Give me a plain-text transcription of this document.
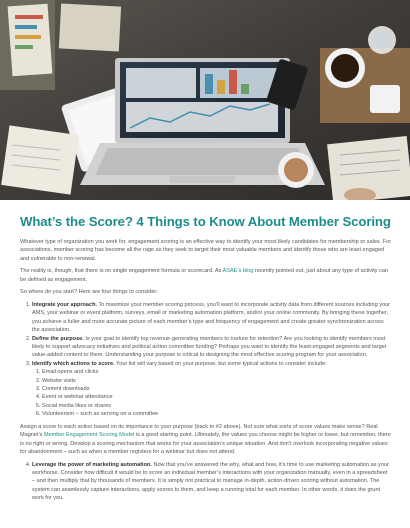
What’s the Score? 4 Things to Know About Member Scoring

Whatever type of organization you work for, engagement scoring is an effective way to identify your most likely candidates for membership or sales. For associations, member scoring has become all the rage as they seek to target their most valuable members and identify those who are least engaged and vulnerable to non-renewal.

The reality is, though, that there is no single engagement formula or scorecard. As ASAE’s blog recently pointed out, just about any type of activity can be defined as engagement.

So where do you start? Here are four things to consider:

1. Integrate your approach. To maximize your member scoring process, you’ll want to incorporate activity data from different sources including your AMS, your webinar or event platform, surveys, email or marketing automation platform, and/or your online community. By bringing these together, you achieve a fuller and more accurate picture of each member’s type and frequency of engagement and create greater synchronization across the association.
2. Define the purpose. Is your goal to identify top revenue-generating members to nurture for retention? Are you looking to identify members most likely to support advocacy initiatives and political action committee funding? Perhaps you want to identify the least-engaged segments and target value-added content to them. Understanding your purpose is critical to designing the most effective scoring program for your association.
3. Identify which actions to score. Your list will vary based on your purpose, but some typical actions to consider include:
1. Email opens and clicks
2. Website visits
3. Content downloads
4. Event or webinar attendance
5. Social media likes or shares
6. Volunteerism – such as serving on a committee

Assign a score to each action based on its importance to your purpose (back to #2 above). Not sure what sorts of score values make sense? Real Magnet’s Member Engagement Scoring Model is a good starting point. Ultimately, the values you choose might be higher or lower, but remember, there is no right or wrong. Develop a scoring mechanism that works for your association’s unique situation. And don’t overlook incorporating negative values for abandonment – such as when a member registers for a webinar but does not attend.

4. Leverage the power of marketing automation. Now that you’ve answered the why, what and how, it’s time to use marketing automation as your workhorse. Consider how difficult it would be to score an individual member’s interactions with your organization manually, even in a spreadsheet – and then multiply that by thousands of members. It is simply not practical to manage in-depth, action-driven scoring without automation. The system can seamlessly capture interactions, apply scores to them, and keep a running total for each member. In other words, it does the grunt work for you.
